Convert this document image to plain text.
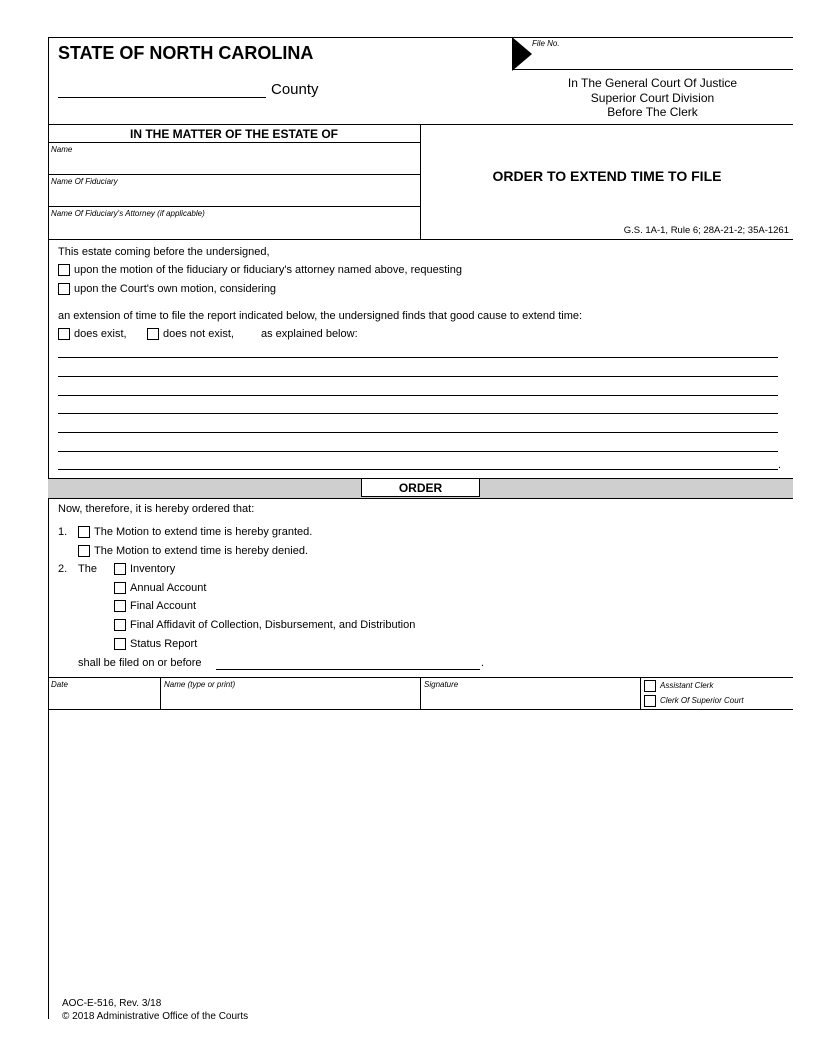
STATE OF NORTH CAROLINA
County
File No.
In The General Court Of Justice
Superior Court Division
Before The Clerk
IN THE MATTER OF THE ESTATE OF
Name
Name Of Fiduciary
Name Of Fiduciary's Attorney (if applicable)
ORDER TO EXTEND TIME TO FILE
G.S. 1A-1, Rule 6; 28A-21-2; 35A-1261
This estate coming before the undersigned,
upon the motion of the fiduciary or fiduciary's attorney named above, requesting
upon the Court's own motion, considering
an extension of time to file the report indicated below, the undersigned finds that good cause to extend time:
does exist,	does not exist, as explained below:
.
ORDER
Now, therefore, it is hereby ordered that:
1. The Motion to extend time is hereby granted.
The Motion to extend time is hereby denied.
2. The	Inventory
Annual Account
Final Account
Final Affidavit of Collection, Disbursement, and Distribution
Status Report
shall be filed on or before	.
Date	Name (type or print)	Signature	Assistant Clerk
Clerk Of Superior Court
AOC-E-516, Rev. 3/18
© 2018 Administrative Office of the Courts
